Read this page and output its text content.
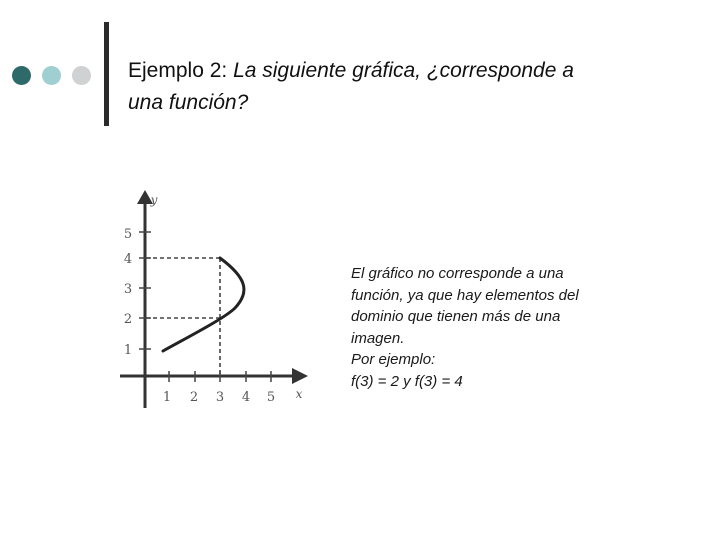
Ejemplo 2: La siguiente gráfica, ¿corresponde a
una función?
1 2 3 4 5 x
1
2
3
4
5
y
El gráfico no corresponde a una
función, ya que hay elementos del
dominio que tienen más de una
imagen.
Por ejemplo:
f(3) = 2 y f(3) = 4
